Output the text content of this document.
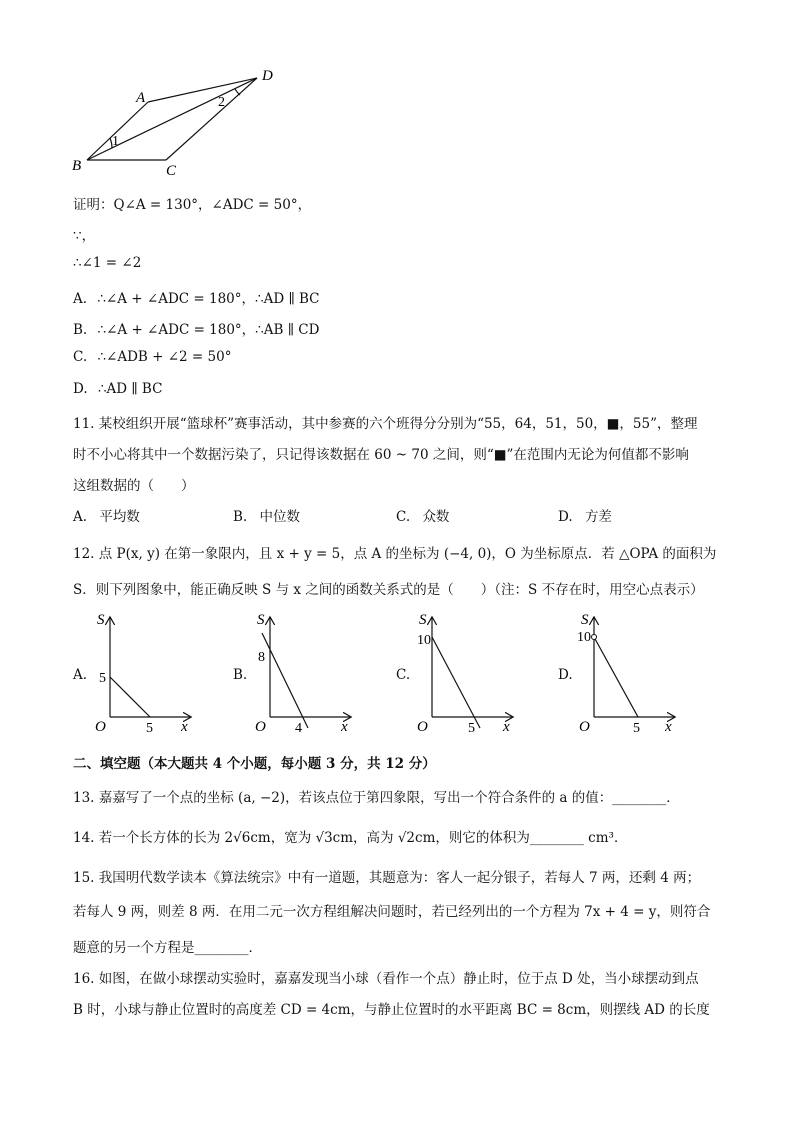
A
B	C
D
1
2
证明：Q∠A = 130°，∠ADC = 50°，
∵，
∴∠1 = ∠2
A. ∴∠A + ∠ADC = 180°，∴AD ∥ BC
B. ∴∠A + ∠ADC = 180°，∴AB ∥ CD
C. ∴∠ADB + ∠2 = 50°
D. ∴AD ∥ BC
11. 某校组织开展“篮球杯”赛事活动，其中参赛的六个班得分分别为“55，64，51，50，■，55”，整理
时不小心将其中一个数据污染了，只记得该数据在 60 ~ 70 之间，则“■”在范围内无论为何值都不影响
这组数据的（　　）
A. 平均数	B. 中位数	C. 众数	D. 方差
12. 点 P(x, y) 在第一象限内，且 x + y = 5，点 A 的坐标为 (−4, 0)，O 为坐标原点．若 △OPA 的面积为
S．则下列图象中，能正确反映 S 与 x 之间的函数关系式的是（　　）（注：S 不存在时，用空心点表示）
A.	B.	C.	D.
S
x
O
5
5
S
x
O
8
4
S
x
O
10
5
S
x
O
10
5
二、填空题（本大题共 4 个小题，每小题 3 分，共 12 分）
13. 嘉嘉写了一个点的坐标 (a, −2)，若该点位于第四象限，写出一个符合条件的 a 的值：________．
14. 若一个长方体的长为 2√6cm，宽为 √3cm，高为 √2cm，则它的体积为________ cm³．
15. 我国明代数学读本《算法统宗》中有一道题，其题意为：客人一起分银子，若每人 7 两，还剩 4 两；
若每人 9 两，则差 8 两．在用二元一次方程组解决问题时，若已经列出的一个方程为 7x + 4 = y，则符合
题意的另一个方程是________．
16. 如图，在做小球摆动实验时，嘉嘉发现当小球（看作一个点）静止时，位于点 D 处，当小球摆动到点
B 时，小球与静止位置时的高度差 CD = 4cm，与静止位置时的水平距离 BC = 8cm，则摆线 AD 的长度
